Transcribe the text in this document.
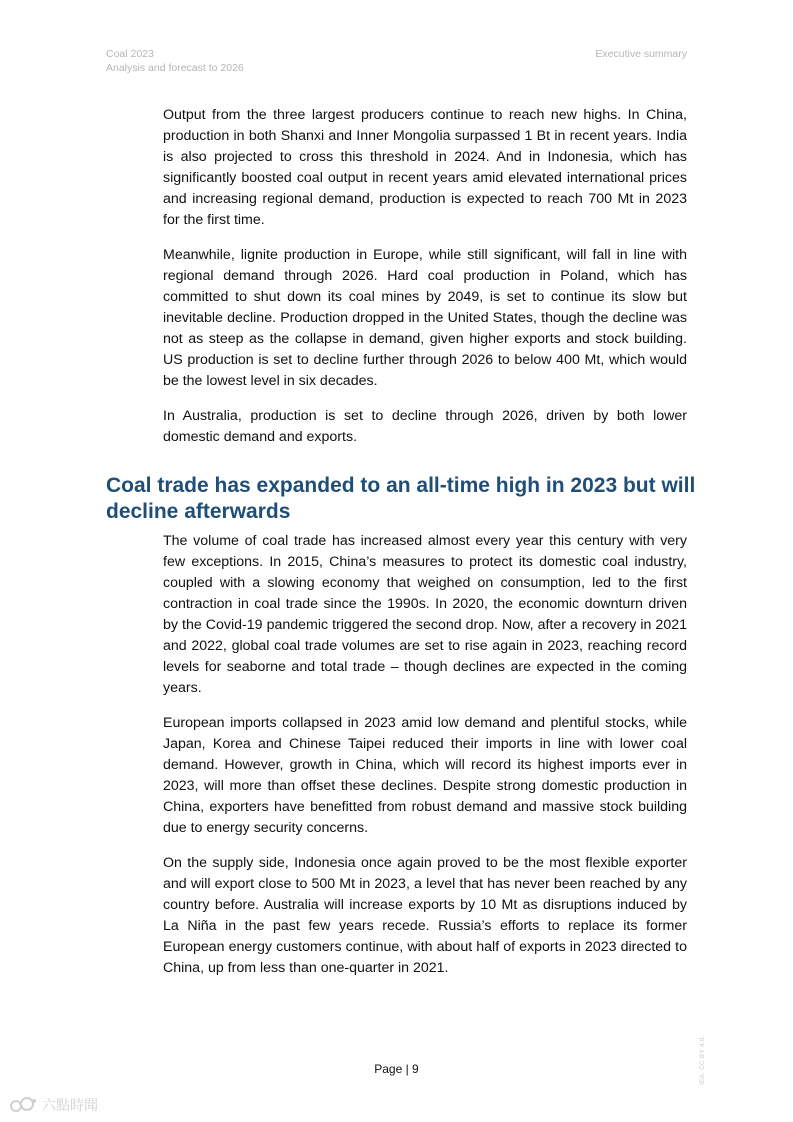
Coal 2023
Analysis and forecast to 2026
Executive summary

Output from the three largest producers continue to reach new highs. In China, production in both Shanxi and Inner Mongolia surpassed 1 Bt in recent years. India is also projected to cross this threshold in 2024. And in Indonesia, which has significantly boosted coal output in recent years amid elevated international prices and increasing regional demand, production is expected to reach 700 Mt in 2023 for the first time.

Meanwhile, lignite production in Europe, while still significant, will fall in line with regional demand through 2026. Hard coal production in Poland, which has committed to shut down its coal mines by 2049, is set to continue its slow but inevitable decline. Production dropped in the United States, though the decline was not as steep as the collapse in demand, given higher exports and stock building. US production is set to decline further through 2026 to below 400 Mt, which would be the lowest level in six decades.

In Australia, production is set to decline through 2026, driven by both lower domestic demand and exports.

Coal trade has expanded to an all-time high in 2023 but will decline afterwards

The volume of coal trade has increased almost every year this century with very few exceptions. In 2015, China’s measures to protect its domestic coal industry, coupled with a slowing economy that weighed on consumption, led to the first contraction in coal trade since the 1990s. In 2020, the economic downturn driven by the Covid-19 pandemic triggered the second drop. Now, after a recovery in 2021 and 2022, global coal trade volumes are set to rise again in 2023, reaching record levels for seaborne and total trade – though declines are expected in the coming years.

European imports collapsed in 2023 amid low demand and plentiful stocks, while Japan, Korea and Chinese Taipei reduced their imports in line with lower coal demand. However, growth in China, which will record its highest imports ever in 2023, will more than offset these declines. Despite strong domestic production in China, exporters have benefitted from robust demand and massive stock building due to energy security concerns.

On the supply side, Indonesia once again proved to be the most flexible exporter and will export close to 500 Mt in 2023, a level that has never been reached by any country before. Australia will increase exports by 10 Mt as disruptions induced by La Niña in the past few years recede. Russia’s efforts to replace its former European energy customers continue, with about half of exports in 2023 directed to China, up from less than one-quarter in 2021.

Page | 9	IEA. CC BY 4.0.
六點時聞
